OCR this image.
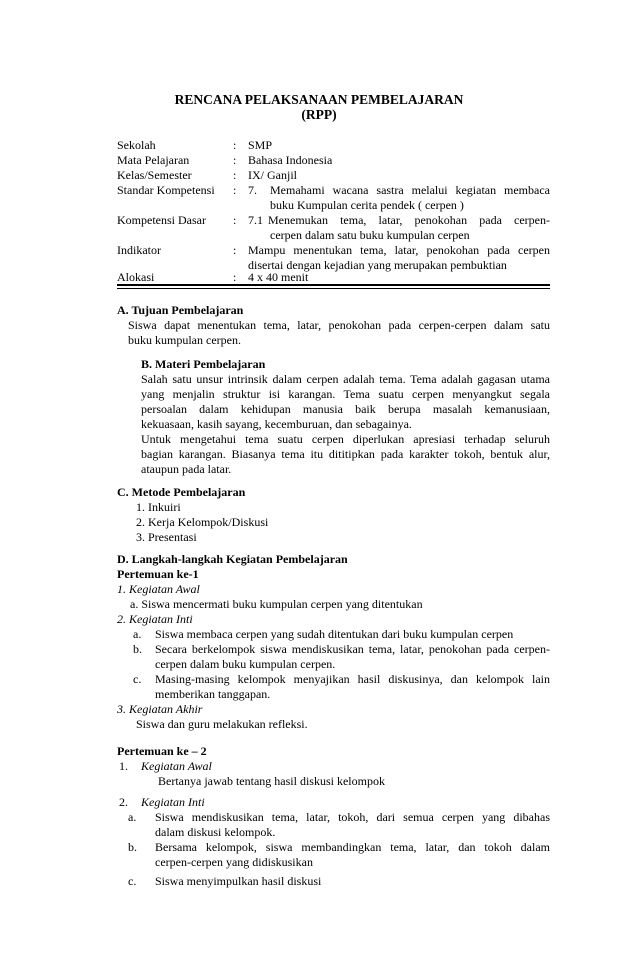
RENCANA PELAKSANAAN PEMBELAJARAN
(RPP)
Sekolah	: SMP
Mata Pelajaran	: Bahasa Indonesia
Kelas/Semester	: IX/ Ganjil
Standar Kompetensi : 7. Memahami wacana sastra melalui kegiatan membaca
buku Kumpulan cerita pendek ( cerpen )
Kompetensi Dasar : 7.1 Menemukan tema, latar, penokohan pada cerpen-
cerpen dalam satu buku kumpulan cerpen
Indikator	: Mampu menentukan tema, latar, penokohan pada cerpen
disertai dengan kejadian yang merupakan pembuktian
Alokasi	: 4 x 40 menit
A. Tujuan Pembelajaran
Siswa dapat menentukan tema, latar, penokohan pada cerpen-cerpen dalam satu
buku kumpulan cerpen.
B. Materi Pembelajaran
Salah satu unsur intrinsik dalam cerpen adalah tema. Tema adalah gagasan utama
yang menjalin struktur isi karangan. Tema suatu cerpen menyangkut segala
persoalan dalam kehidupan manusia baik berupa masalah kemanusiaan,
kekuasaan, kasih sayang, kecemburuan, dan sebagainya.
Untuk mengetahui tema suatu cerpen diperlukan apresiasi terhadap seluruh
bagian karangan. Biasanya tema itu dititipkan pada karakter tokoh, bentuk alur,
ataupun pada latar.
C. Metode Pembelajaran
1. Inkuiri
2. Kerja Kelompok/Diskusi
3. Presentasi
D. Langkah-langkah Kegiatan Pembelajaran
Pertemuan ke-1
1. Kegiatan Awal
a. Siswa mencermati buku kumpulan cerpen yang ditentukan
2. Kegiatan Inti
a. Siswa membaca cerpen yang sudah ditentukan dari buku kumpulan cerpen
b. Secara berkelompok siswa mendiskusikan tema, latar, penokohan pada cerpen-
cerpen dalam buku kumpulan cerpen.
c. Masing-masing kelompok menyajikan hasil diskusinya, dan kelompok lain
memberikan tanggapan.
3. Kegiatan Akhir
Siswa dan guru melakukan refleksi.
Pertemuan ke – 2
1. Kegiatan Awal
Bertanya jawab tentang hasil diskusi kelompok
2. Kegiatan Inti
a. Siswa mendiskusikan tema, latar, tokoh, dari semua cerpen yang dibahas
dalam diskusi kelompok.
b. Bersama kelompok, siswa membandingkan tema, latar, dan tokoh dalam
cerpen-cerpen yang didiskusikan
c. Siswa menyimpulkan hasil diskusi
